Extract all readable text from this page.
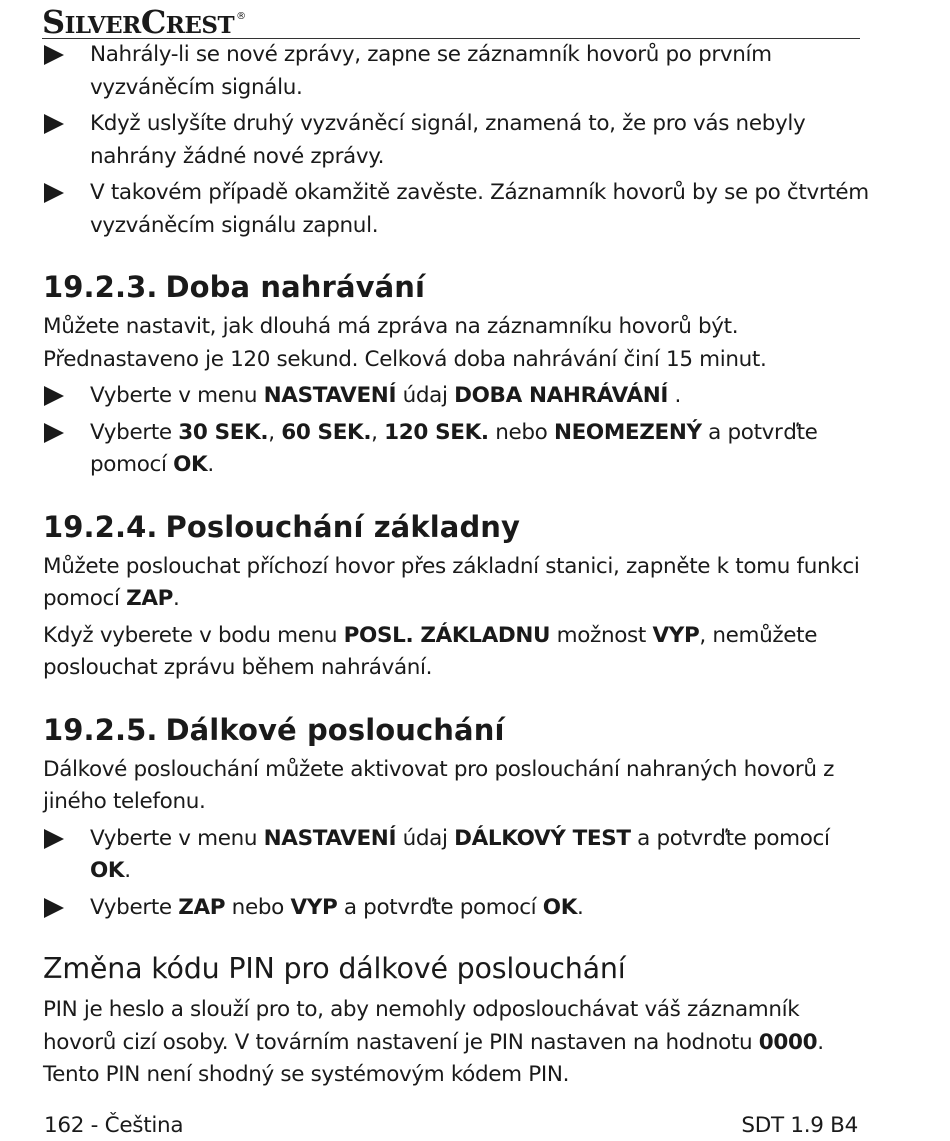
SILVERCREST ®
Nahrály-li se nové zprávy, zapne se záznamník hovorů po prvním vyzváněcím signálu.
Když uslyšíte druhý vyzváněcí signál, znamená to, že pro vás nebyly nahrány žádné nové zprávy.
V takovém případě okamžitě zavěste. Záznamník hovorů by se po čtvrtém vyzváněcím signálu zapnul.
19.2.3. Doba nahrávání
Můžete nastavit, jak dlouhá má zpráva na záznamníku hovorů být. Přednastaveno je 120 sekund. Celková doba nahrávání činí 15 minut.
Vyberte v menu NASTAVENÍ údaj DOBA NAHRÁVÁNÍ .
Vyberte 30 SEK., 60 SEK., 120 SEK. nebo NEOMEZENÝ a potvrďte pomocí OK.
19.2.4. Poslouchání základny
Můžete poslouchat příchozí hovor přes základní stanici, zapněte k tomu funkci pomocí ZAP.
Když vyberete v bodu menu POSL. ZÁKLADNU možnost VYP, nemůžete poslouchat zprávu během nahrávání.
19.2.5. Dálkové poslouchání
Dálkové poslouchání můžete aktivovat pro poslouchání nahraných hovorů z jiného telefonu.
Vyberte v menu NASTAVENÍ údaj DÁLKOVÝ TEST a potvrďte pomocí OK.
Vyberte ZAP nebo VYP a potvrďte pomocí OK.
Změna kódu PIN pro dálkové poslouchání
PIN je heslo a slouží pro to, aby nemohly odposlouchávat váš záznamník hovorů cizí osoby. V továrním nastavení je PIN nastaven na hodnotu 0000. Tento PIN není shodný se systémovým kódem PIN.
162 - Čeština	SDT 1.9 B4
